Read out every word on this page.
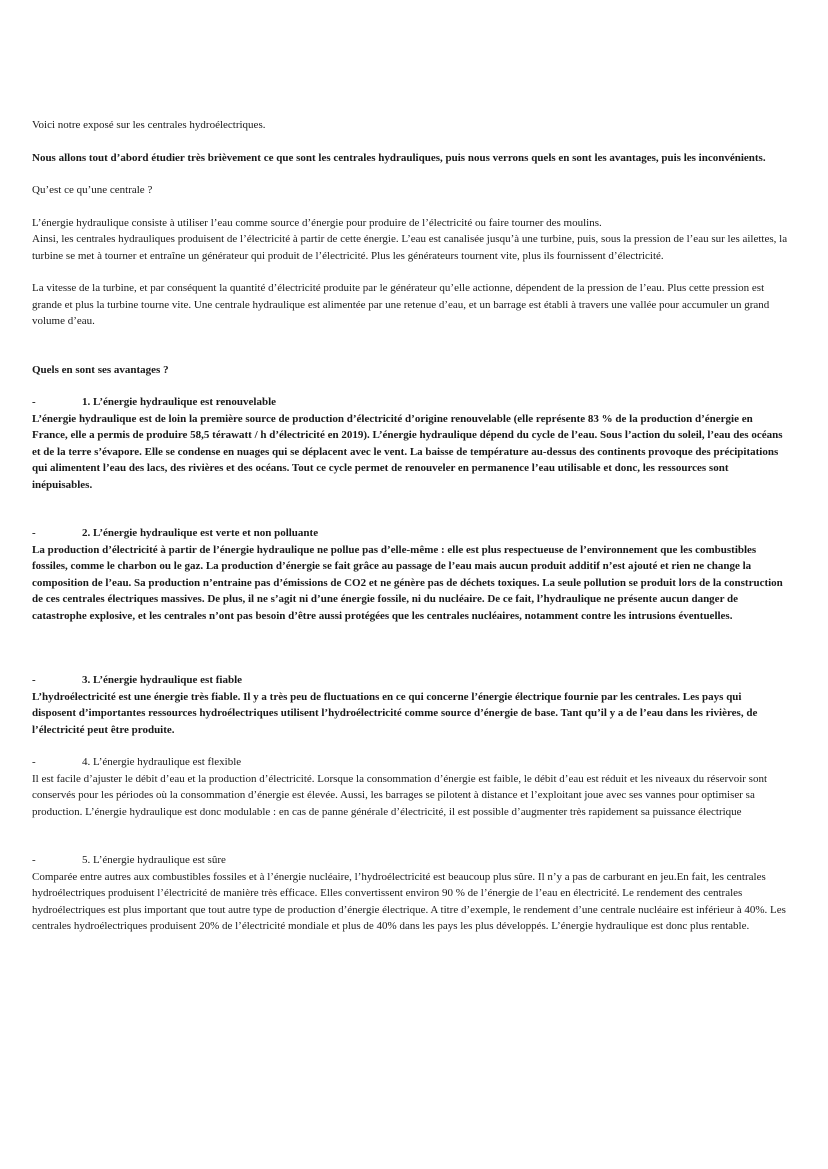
Voici notre exposé sur les centrales hydroélectriques.

Nous allons tout d’abord étudier très brièvement ce que sont les centrales hydrauliques, puis nous verrons quels en sont les avantages, puis les inconvénients.

Qu’est ce qu’une centrale ?

L’énergie hydraulique consiste à utiliser l’eau comme source d’énergie pour produire de l’électricité ou faire tourner des moulins.

Ainsi, les centrales hydrauliques produisent de l’électricité à partir de cette énergie. L’eau est canalisée jusqu’à une turbine, puis, sous la pression de l’eau sur les ailettes, la turbine se met à tourner et entraîne un générateur qui produit de l’électricité. Plus les générateurs tournent vite, plus ils fournissent d’électricité.

La vitesse de la turbine, et par conséquent la quantité d’électricité produite par le générateur qu’elle actionne, dépendent de la pression de l’eau. Plus cette pression est grande et plus la turbine tourne vite. Une centrale hydraulique est alimentée par une retenue d’eau, et un barrage est établi à travers une vallée pour accumuler un grand volume d’eau.

Quels en sont ses avantages ?

-	1. L’énergie hydraulique est renouvelable

L’énergie hydraulique est de loin la première source de production d’électricité d’origine renouvelable (elle représente 83 % de la production d’énergie en France, elle a permis de produire 58,5 térawatt / h d’électricité en 2019). L’énergie hydraulique dépend du cycle de l’eau. Sous l’action du soleil, l’eau des océans et de la terre s’évapore. Elle se condense en nuages qui se déplacent avec le vent. La baisse de température au-dessus des continents provoque des précipitations qui alimentent l’eau des lacs, des rivières et des océans. Tout ce cycle permet de renouveler en permanence l’eau utilisable et donc, les ressources sont inépuisables.

-	2. L’énergie hydraulique est verte et non polluante

La production d’électricité à partir de l’énergie hydraulique ne pollue pas d’elle-même : elle est plus respectueuse de l’environnement que les combustibles fossiles, comme le charbon ou le gaz. La production d’énergie se fait grâce au passage de l’eau mais aucun produit additif n’est ajouté et rien ne change la composition de l’eau. Sa production n’entraine pas d’émissions de CO2 et ne génère pas de déchets toxiques. La seule pollution se produit lors de la construction de ces centrales électriques massives. De plus, il ne s’agit ni d’une énergie fossile, ni du nucléaire. De ce fait, l’hydraulique ne présente aucun danger de catastrophe explosive, et les centrales n’ont pas besoin d’être aussi protégées que les centrales nucléaires, notamment contre les intrusions éventuelles.

-	3. L’énergie hydraulique est fiable

L’hydroélectricité est une énergie très fiable. Il y a très peu de fluctuations en ce qui concerne l’énergie électrique fournie par les centrales. Les pays qui disposent d’importantes ressources hydroélectriques utilisent l’hydroélectricité comme source d’énergie de base. Tant qu’il y a de l’eau dans les rivières, de l’électricité peut être produite.

-	4. L’énergie hydraulique est flexible

Il est facile d’ajuster le débit d’eau et la production d’électricité. Lorsque la consommation d’énergie est faible, le débit d’eau est réduit et les niveaux du réservoir sont conservés pour les périodes où la consommation d’énergie est élevée. Aussi, les barrages se pilotent à distance et l’exploitant joue avec ses vannes pour optimiser sa production. L’énergie hydraulique est donc modulable : en cas de panne générale d’électricité, il est possible d’augmenter très rapidement sa puissance électrique

-	5. L’énergie hydraulique est sûre

Comparée entre autres aux combustibles fossiles et à l’énergie nucléaire, l’hydroélectricité est beaucoup plus sûre. Il n’y a pas de carburant en jeu.En fait, les centrales hydroélectriques produisent l’électricité de manière très efficace. Elles convertissent environ 90 % de l’énergie de l’eau en électricité. Le rendement des centrales hydroélectriques est plus important que tout autre type de production d’énergie électrique. A titre d’exemple, le rendement d’une centrale nucléaire est inférieur à 40%. Les centrales hydroélectriques produisent 20% de l’électricité mondiale et plus de 40% dans les pays les plus développés. L’énergie hydraulique est donc plus rentable.
